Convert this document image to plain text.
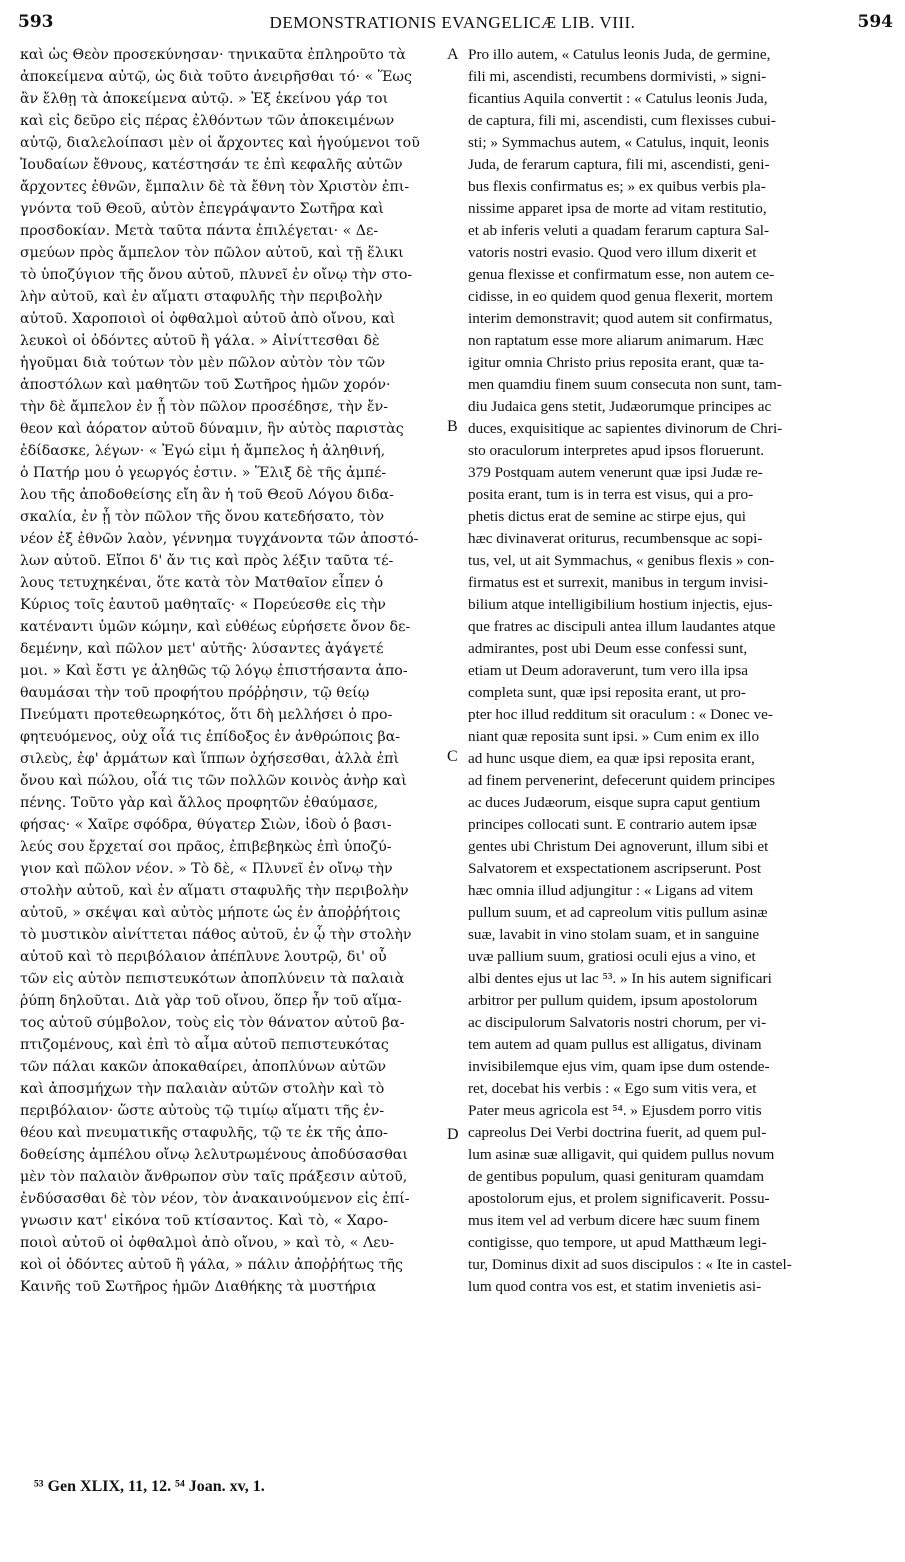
593	DEMONSTRATIONIS EVANGELICÆ LIB. VIII.	594
καὶ ὡς Θεὸν προσεκύνησαν· τηνικαῦτα ἐπληροῦτο τὰ
ἀποκείμενα αὐτῷ, ὡς διὰ τοῦτο ἀνειρῆσθαι τό· « Ἕως
ἂν ἔλθῃ τὰ ἀποκείμενα αὐτῷ. » Ἐξ ἐκείνου γάρ τοι
καὶ εἰς δεῦρο εἰς πέρας ἐλθόντων τῶν ἀποκειμένων
αὐτῷ, διαλελοίπασι μὲν οἱ ἄρχοντες καὶ ἡγούμενοι τοῦ
Ἰουδαίων ἔθνους, κατέστησάν τε ἐπὶ κεφαλῆς αὐτῶν
ἄρχοντες ἐθνῶν, ἔμπαλιν δὲ τὰ ἔθνη τὸν Χριστὸν ἐπι-
γνόντα τοῦ Θεοῦ, αὐτὸν ἐπεγράψαντο Σωτῆρα καὶ
προσδοκίαν. Μετὰ ταῦτα πάντα ἐπιλέγεται· « Δε-
σμεύων πρὸς ἄμπελον τὸν πῶλον αὐτοῦ, καὶ τῇ ἕλικι
τὸ ὑποζύγιον τῆς ὄνου αὐτοῦ, πλυνεῖ ἐν οἴνῳ τὴν στο-
λὴν αὐτοῦ, καὶ ἐν αἵματι σταφυλῆς τὴν περιβολὴν
αὐτοῦ. Χαροποιοὶ οἱ ὀφθαλμοὶ αὐτοῦ ἀπὸ οἴνου, καὶ
λευκοὶ οἱ ὀδόντες αὐτοῦ ἢ γάλα. » Αἰνίττεσθαι δὲ
ἡγοῦμαι διὰ τούτων τὸν μὲν πῶλον αὐτὸν τὸν τῶν
ἀποστόλων καὶ μαθητῶν τοῦ Σωτῆρος ἡμῶν χορόν·
τὴν δὲ ἄμπελον ἐν ᾗ τὸν πῶλον προσέδησε, τὴν ἔν-
θεον καὶ ἀόρατον αὐτοῦ δύναμιν, ἣν αὐτὸς παριστὰς
ἐδίδασκε, λέγων· « Ἐγώ εἰμι ἡ ἄμπελος ἡ ἀληθινή,
ὁ Πατήρ μου ὁ γεωργός ἐστιν. » Ἕλιξ δὲ τῆς ἀμπέ-
λου τῆς ἀποδοθείσης εἴη ἂν ἡ τοῦ Θεοῦ Λόγου διδα-
σκαλία, ἐν ᾗ τὸν πῶλον τῆς ὄνου κατεδήσατο, τὸν
νέον ἐξ ἐθνῶν λαὸν, γέννημα τυγχάνοντα τῶν ἀποστό-
λων αὐτοῦ. Εἴποι δ' ἄν τις καὶ πρὸς λέξιν ταῦτα τέ-
λους τετυχηκέναι, ὅτε κατὰ τὸν Ματθαῖον εἶπεν ὁ
Κύριος τοῖς ἑαυτοῦ μαθηταῖς· « Πορεύεσθε εἰς τὴν
κατέναντι ὑμῶν κώμην, καὶ εὐθέως εὑρήσετε ὄνον δε-
δεμένην, καὶ πῶλον μετ' αὐτῆς· λύσαντες ἀγάγετέ
μοι. » Καὶ ἔστι γε ἀληθῶς τῷ λόγῳ ἐπιστήσαντα ἀπο-
θαυμάσαι τὴν τοῦ προφήτου πρόῤῥησιν, τῷ θείῳ
Πνεύματι προτεθεωρηκότος, ὅτι δὴ μελλήσει ὁ προ-
φητευόμενος, οὐχ οἷά τις ἐπίδοξος ἐν ἀνθρώποις βα-
σιλεὺς, ἐφ' ἁρμάτων καὶ ἵππων ὀχήσεσθαι, ἀλλὰ ἐπὶ
ὄνου καὶ πώλου, οἷά τις τῶν πολλῶν κοινὸς ἀνὴρ καὶ
πένης. Τοῦτο γὰρ καὶ ἄλλος προφητῶν ἐθαύμασε,
φήσας· « Χαῖρε σφόδρα, θύγατερ Σιὼν, ἰδοὺ ὁ βασι-
λεύς σου ἔρχεταί σοι πρᾶος, ἐπιβεβηκὼς ἐπὶ ὑποζύ-
γιον καὶ πῶλον νέον. » Τὸ δὲ, « Πλυνεῖ ἐν οἴνῳ τὴν
στολὴν αὐτοῦ, καὶ ἐν αἵματι σταφυλῆς τὴν περιβολὴν
αὐτοῦ, » σκέψαι καὶ αὐτὸς μήποτε ὡς ἐν ἀποῤῥήτοις
τὸ μυστικὸν αἰνίττεται πάθος αὐτοῦ, ἐν ᾧ τὴν στολὴν
αὐτοῦ καὶ τὸ περιβόλαιον ἀπέπλυνε λουτρῷ, δι' οὗ
τῶν εἰς αὐτὸν πεπιστευκότων ἀποπλύνειν τὰ παλαιὰ
ῥύπη δηλοῦται. Διὰ γὰρ τοῦ οἴνου, ὅπερ ἦν τοῦ αἵμα-
τος αὐτοῦ σύμβολον, τοὺς εἰς τὸν θάνατον αὐτοῦ βα-
πτιζομένους, καὶ ἐπὶ τὸ αἷμα αὐτοῦ πεπιστευκότας
τῶν πάλαι κακῶν ἀποκαθαίρει, ἀποπλύνων αὐτῶν
καὶ ἀποσμήχων τὴν παλαιὰν αὐτῶν στολὴν καὶ τὸ
περιβόλαιον· ὥστε αὐτοὺς τῷ τιμίῳ αἵματι τῆς ἐν-
θέου καὶ πνευματικῆς σταφυλῆς, τῷ τε ἐκ τῆς ἀπο-
δοθείσης ἀμπέλου οἴνῳ λελυτρωμένους ἀποδύσασθαι
μὲν τὸν παλαιὸν ἄνθρωπον σὺν ταῖς πράξεσιν αὐτοῦ,
ἐνδύσασθαι δὲ τὸν νέον, τὸν ἀνακαινούμενον εἰς ἐπί-
γνωσιν κατ' εἰκόνα τοῦ κτίσαντος. Καὶ τὸ, « Χαρο-
ποιοὶ αὐτοῦ οἱ ὀφθαλμοὶ ἀπὸ οἴνου, » καὶ τὸ, « Λευ-
κοὶ οἱ ὀδόντες αὐτοῦ ἢ γάλα, » πάλιν ἀποῤῥήτως τῆς
Καινῆς τοῦ Σωτῆρος ἡμῶν Διαθήκης τὰ μυστήρια
A
B
C
D
Pro illo autem, « Catulus leonis Juda, de germine,
fili mi, ascendisti, recumbens dormivisti, » signi-
ficantius Aquila convertit : « Catulus leonis Juda,
de captura, fili mi, ascendisti, cum flexisses cubui-
sti; » Symmachus autem, « Catulus, inquit, leonis
Juda, de ferarum captura, fili mi, ascendisti, geni-
bus flexis confirmatus es; » ex quibus verbis pla-
nissime apparet ipsa de morte ad vitam restitutio,
et ab inferis veluti a quadam ferarum captura Sal-
vatoris nostri evasio. Quod vero illum dixerit et
genua flexisse et confirmatum esse, non autem ce-
cidisse, in eo quidem quod genua flexerit, mortem
interim demonstravit; quod autem sit confirmatus,
non raptatum esse more aliarum animarum. Hæc
igitur omnia Christo prius reposita erant, quæ ta-
men quamdiu finem suum consecuta non sunt, tam-
diu Judaica gens stetit, Judæorumque principes ac
duces, exquisitique ac sapientes divinorum de Chri-
sto oraculorum interpretes apud ipsos floruerunt.
379 Postquam autem venerunt quæ ipsi Judæ re-
posita erant, tum is in terra est visus, qui a pro-
phetis dictus erat de semine ac stirpe ejus, qui
hæc divinaverat oriturus, recumbensque ac sopi-
tus, vel, ut ait Symmachus, « genibus flexis » con-
firmatus est et surrexit, manibus in tergum invisi-
bilium atque intelligibilium hostium injectis, ejus-
que fratres ac discipuli antea illum laudantes atque
admirantes, post ubi Deum esse confessi sunt,
etiam ut Deum adoraverunt, tum vero illa ipsa
completa sunt, quæ ipsi reposita erant, ut pro-
pter hoc illud redditum sit oraculum : « Donec ve-
niant quæ reposita sunt ipsi. » Cum enim ex illo
ad hunc usque diem, ea quæ ipsi reposita erant,
ad finem pervenerint, defecerunt quidem principes
ac duces Judæorum, eisque supra caput gentium
principes collocati sunt. E contrario autem ipsæ
gentes ubi Christum Dei agnoverunt, illum sibi et
Salvatorem et exspectationem ascripserunt. Post
hæc omnia illud adjungitur : « Ligans ad vitem
pullum suum, et ad capreolum vitis pullum asinæ
suæ, lavabit in vino stolam suam, et in sanguine
uvæ pallium suum, gratiosi oculi ejus a vino, et
albi dentes ejus ut lac ⁵³. » In his autem significari
arbitror per pullum quidem, ipsum apostolorum
ac discipulorum Salvatoris nostri chorum, per vi-
tem autem ad quam pullus est alligatus, divinam
invisibilemque ejus vim, quam ipse dum ostende-
ret, docebat his verbis : « Ego sum vitis vera, et
Pater meus agricola est ⁵⁴. » Ejusdem porro vitis
capreolus Dei Verbi doctrina fuerit, ad quem pul-
lum asinæ suæ alligavit, qui quidem pullus novum
de gentibus populum, quasi genituram quamdam
apostolorum ejus, et prolem significaverit. Possu-
mus item vel ad verbum dicere hæc suum finem
contigisse, quo tempore, ut apud Matthæum legi-
tur, Dominus dixit ad suos discipulos : « Ite in castel-
lum quod contra vos est, et statim invenietis asi-
⁵³ Gen XLIX, 11, 12. ⁵⁴ Joan. xv, 1.
